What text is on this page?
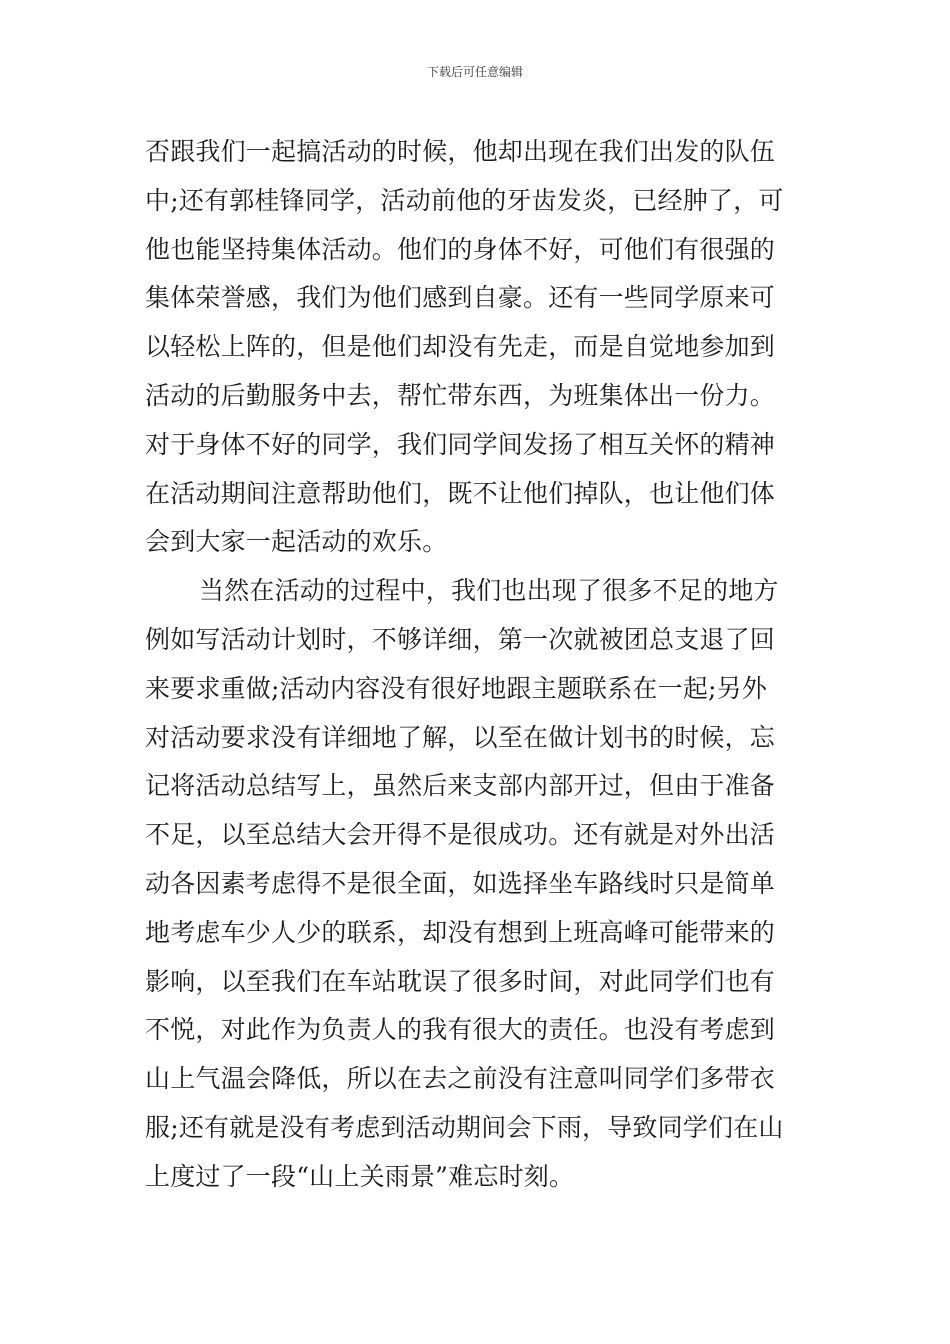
下载后可任意编辑
否跟我们一起搞活动的时候，他却出现在我们出发的队伍
中;还有郭桂锋同学，活动前他的牙齿发炎，已经肿了，可
他也能坚持集体活动。他们的身体不好，可他们有很强的
集体荣誉感，我们为他们感到自豪。还有一些同学原来可
以轻松上阵的，但是他们却没有先走，而是自觉地参加到
活动的后勤服务中去，帮忙带东西，为班集体出一份力。
对于身体不好的同学，我们同学间发扬了相互关怀的精神
在活动期间注意帮助他们，既不让他们掉队，也让他们体
会到大家一起活动的欢乐。
当然在活动的过程中，我们也出现了很多不足的地方
例如写活动计划时，不够详细，第一次就被团总支退了回
来要求重做;活动内容没有很好地跟主题联系在一起;另外
对活动要求没有详细地了解，以至在做计划书的时候，忘
记将活动总结写上，虽然后来支部内部开过，但由于准备
不足，以至总结大会开得不是很成功。还有就是对外出活
动各因素考虑得不是很全面，如选择坐车路线时只是简单
地考虑车少人少的联系，却没有想到上班高峰可能带来的
影响，以至我们在车站耽误了很多时间，对此同学们也有
不悦，对此作为负责人的我有很大的责任。也没有考虑到
山上气温会降低，所以在去之前没有注意叫同学们多带衣
服;还有就是没有考虑到活动期间会下雨，导致同学们在山
上度过了一段“山上关雨景”难忘时刻。
